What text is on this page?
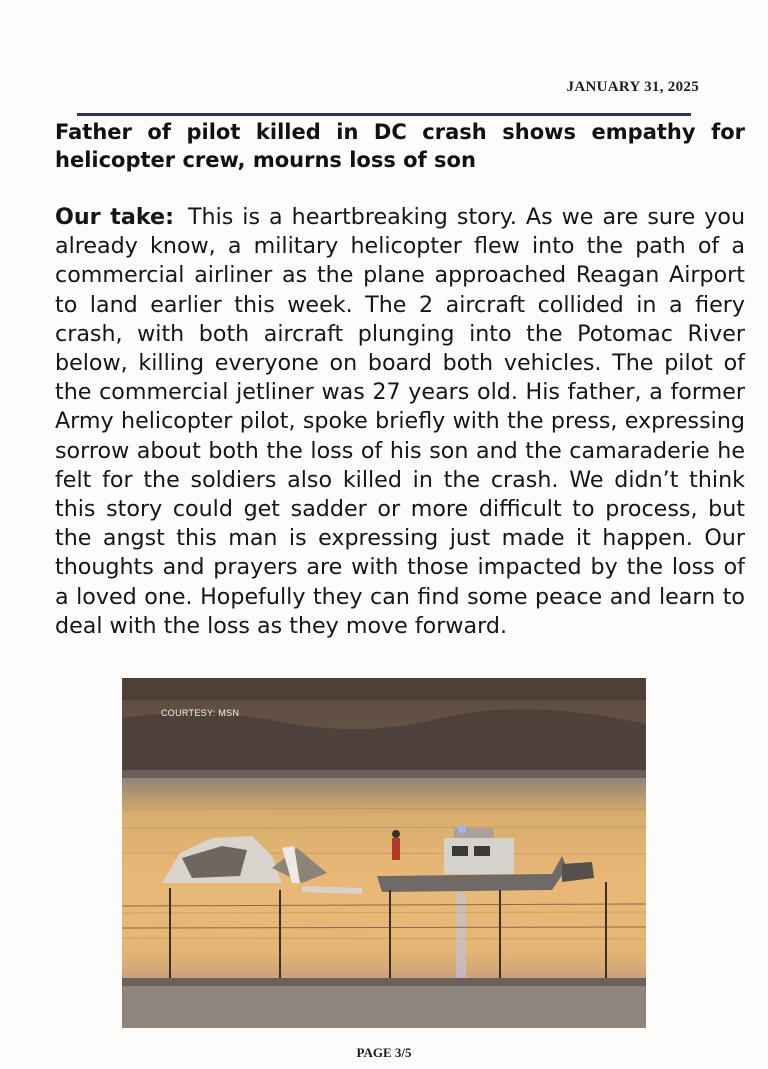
JANUARY 31, 2025
Father of pilot killed in DC crash shows empathy for helicopter crew, mourns loss of son

Our take: This is a heartbreaking story. As we are sure you already know, a military helicopter flew into the path of a commercial airliner as the plane approached Reagan Airport to land earlier this week. The 2 aircraft collided in a fiery crash, with both aircraft plunging into the Potomac River below, killing everyone on board both vehicles. The pilot of the commercial jetliner was 27 years old. His father, a former Army helicopter pilot, spoke briefly with the press, expressing sorrow about both the loss of his son and the camaraderie he felt for the soldiers also killed in the crash. We didn’t think this story could get sadder or more difficult to process, but the angst this man is expressing just made it happen. Our thoughts and prayers are with those impacted by the loss of a loved one. Hopefully they can find some peace and learn to deal with the loss as they move forward.

COURTESY: MSN
PAGE 3/5
